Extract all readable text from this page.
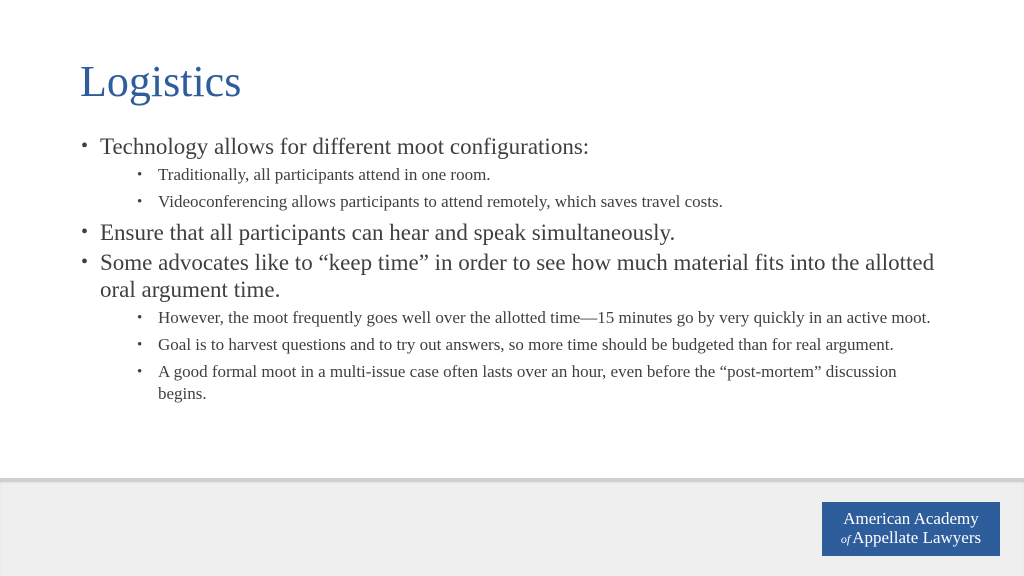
Logistics
• Technology allows for different moot configurations:
• Traditionally, all participants attend in one room.
• Videoconferencing allows participants to attend remotely, which saves travel costs.
• Ensure that all participants can hear and speak simultaneously.
• Some advocates like to “keep time” in order to see how much material fits into the allotted oral argument time.
• However, the moot frequently goes well over the allotted time—15 minutes go by very quickly in an active moot.
• Goal is to harvest questions and to try out answers, so more time should be budgeted than for real argument.
• A good formal moot in a multi-issue case often lasts over an hour, even before the “post-mortem” discussion begins.
American Academy
of Appellate Lawyers
